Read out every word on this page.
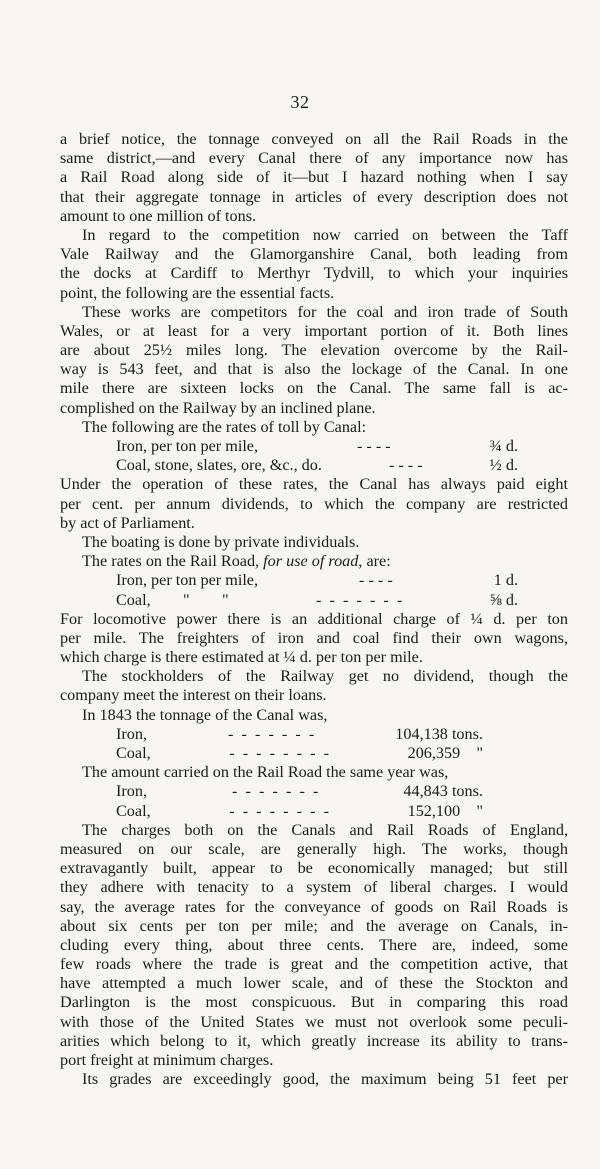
32
a brief notice, the tonnage conveyed on all the Rail Roads in the
same district,—and every Canal there of any importance now has
a Rail Road along side of it—but I hazard nothing when I say
that their aggregate tonnage in articles of every description does not
amount to one million of tons.
In regard to the competition now carried on between the Taff
Vale Railway and the Glamorganshire Canal, both leading from
the docks at Cardiff to Merthyr Tydvill, to which your inquiries
point, the following are the essential facts.
These works are competitors for the coal and iron trade of South
Wales, or at least for a very important portion of it. Both lines
are about 25½ miles long. The elevation overcome by the Rail-
way is 543 feet, and that is also the lockage of the Canal. In one
mile there are sixteen locks on the Canal. The same fall is ac-
complished on the Railway by an inclined plane.
The following are the rates of toll by Canal:
Iron, per ton per mile,	- - - -	¾ d.
Coal, stone, slates, ore, &c., do.	- - - -	½ d.
Under the operation of these rates, the Canal has always paid eight
per cent. per annum dividends, to which the company are restricted
by act of Parliament.
The boating is done by private individuals.
The rates on the Rail Road, for use of road, are:
Iron, per ton per mile,	- - - -	1 d.
Coal,        "        "	-  -  -  -  -  -  -	⅝ d.
For locomotive power there is an additional charge of ¼ d. per ton
per mile. The freighters of iron and coal find their own wagons,
which charge is there estimated at ¼ d. per ton per mile.
The stockholders of the Railway get no dividend, though the
company meet the interest on their loans.
In 1843 the tonnage of the Canal was,
Iron,	-  -  -  -  -  -  -	104,138 tons.
Coal,	-  -  -  -  -  -  -  -	206,359    "
The amount carried on the Rail Road the same year was,
Iron,	-  -  -  -  -  -  -	44,843 tons.
Coal,	-  -  -  -  -  -  -  -	152,100    "
The charges both on the Canals and Rail Roads of England,
measured on our scale, are generally high. The works, though
extravagantly built, appear to be economically managed; but still
they adhere with tenacity to a system of liberal charges. I would
say, the average rates for the conveyance of goods on Rail Roads is
about six cents per ton per mile; and the average on Canals, in-
cluding every thing, about three cents. There are, indeed, some
few roads where the trade is great and the competition active, that
have attempted a much lower scale, and of these the Stockton and
Darlington is the most conspicuous. But in comparing this road
with those of the United States we must not overlook some peculi-
arities which belong to it, which greatly increase its ability to trans-
port freight at minimum charges.
Its grades are exceedingly good, the maximum being 51 feet per
